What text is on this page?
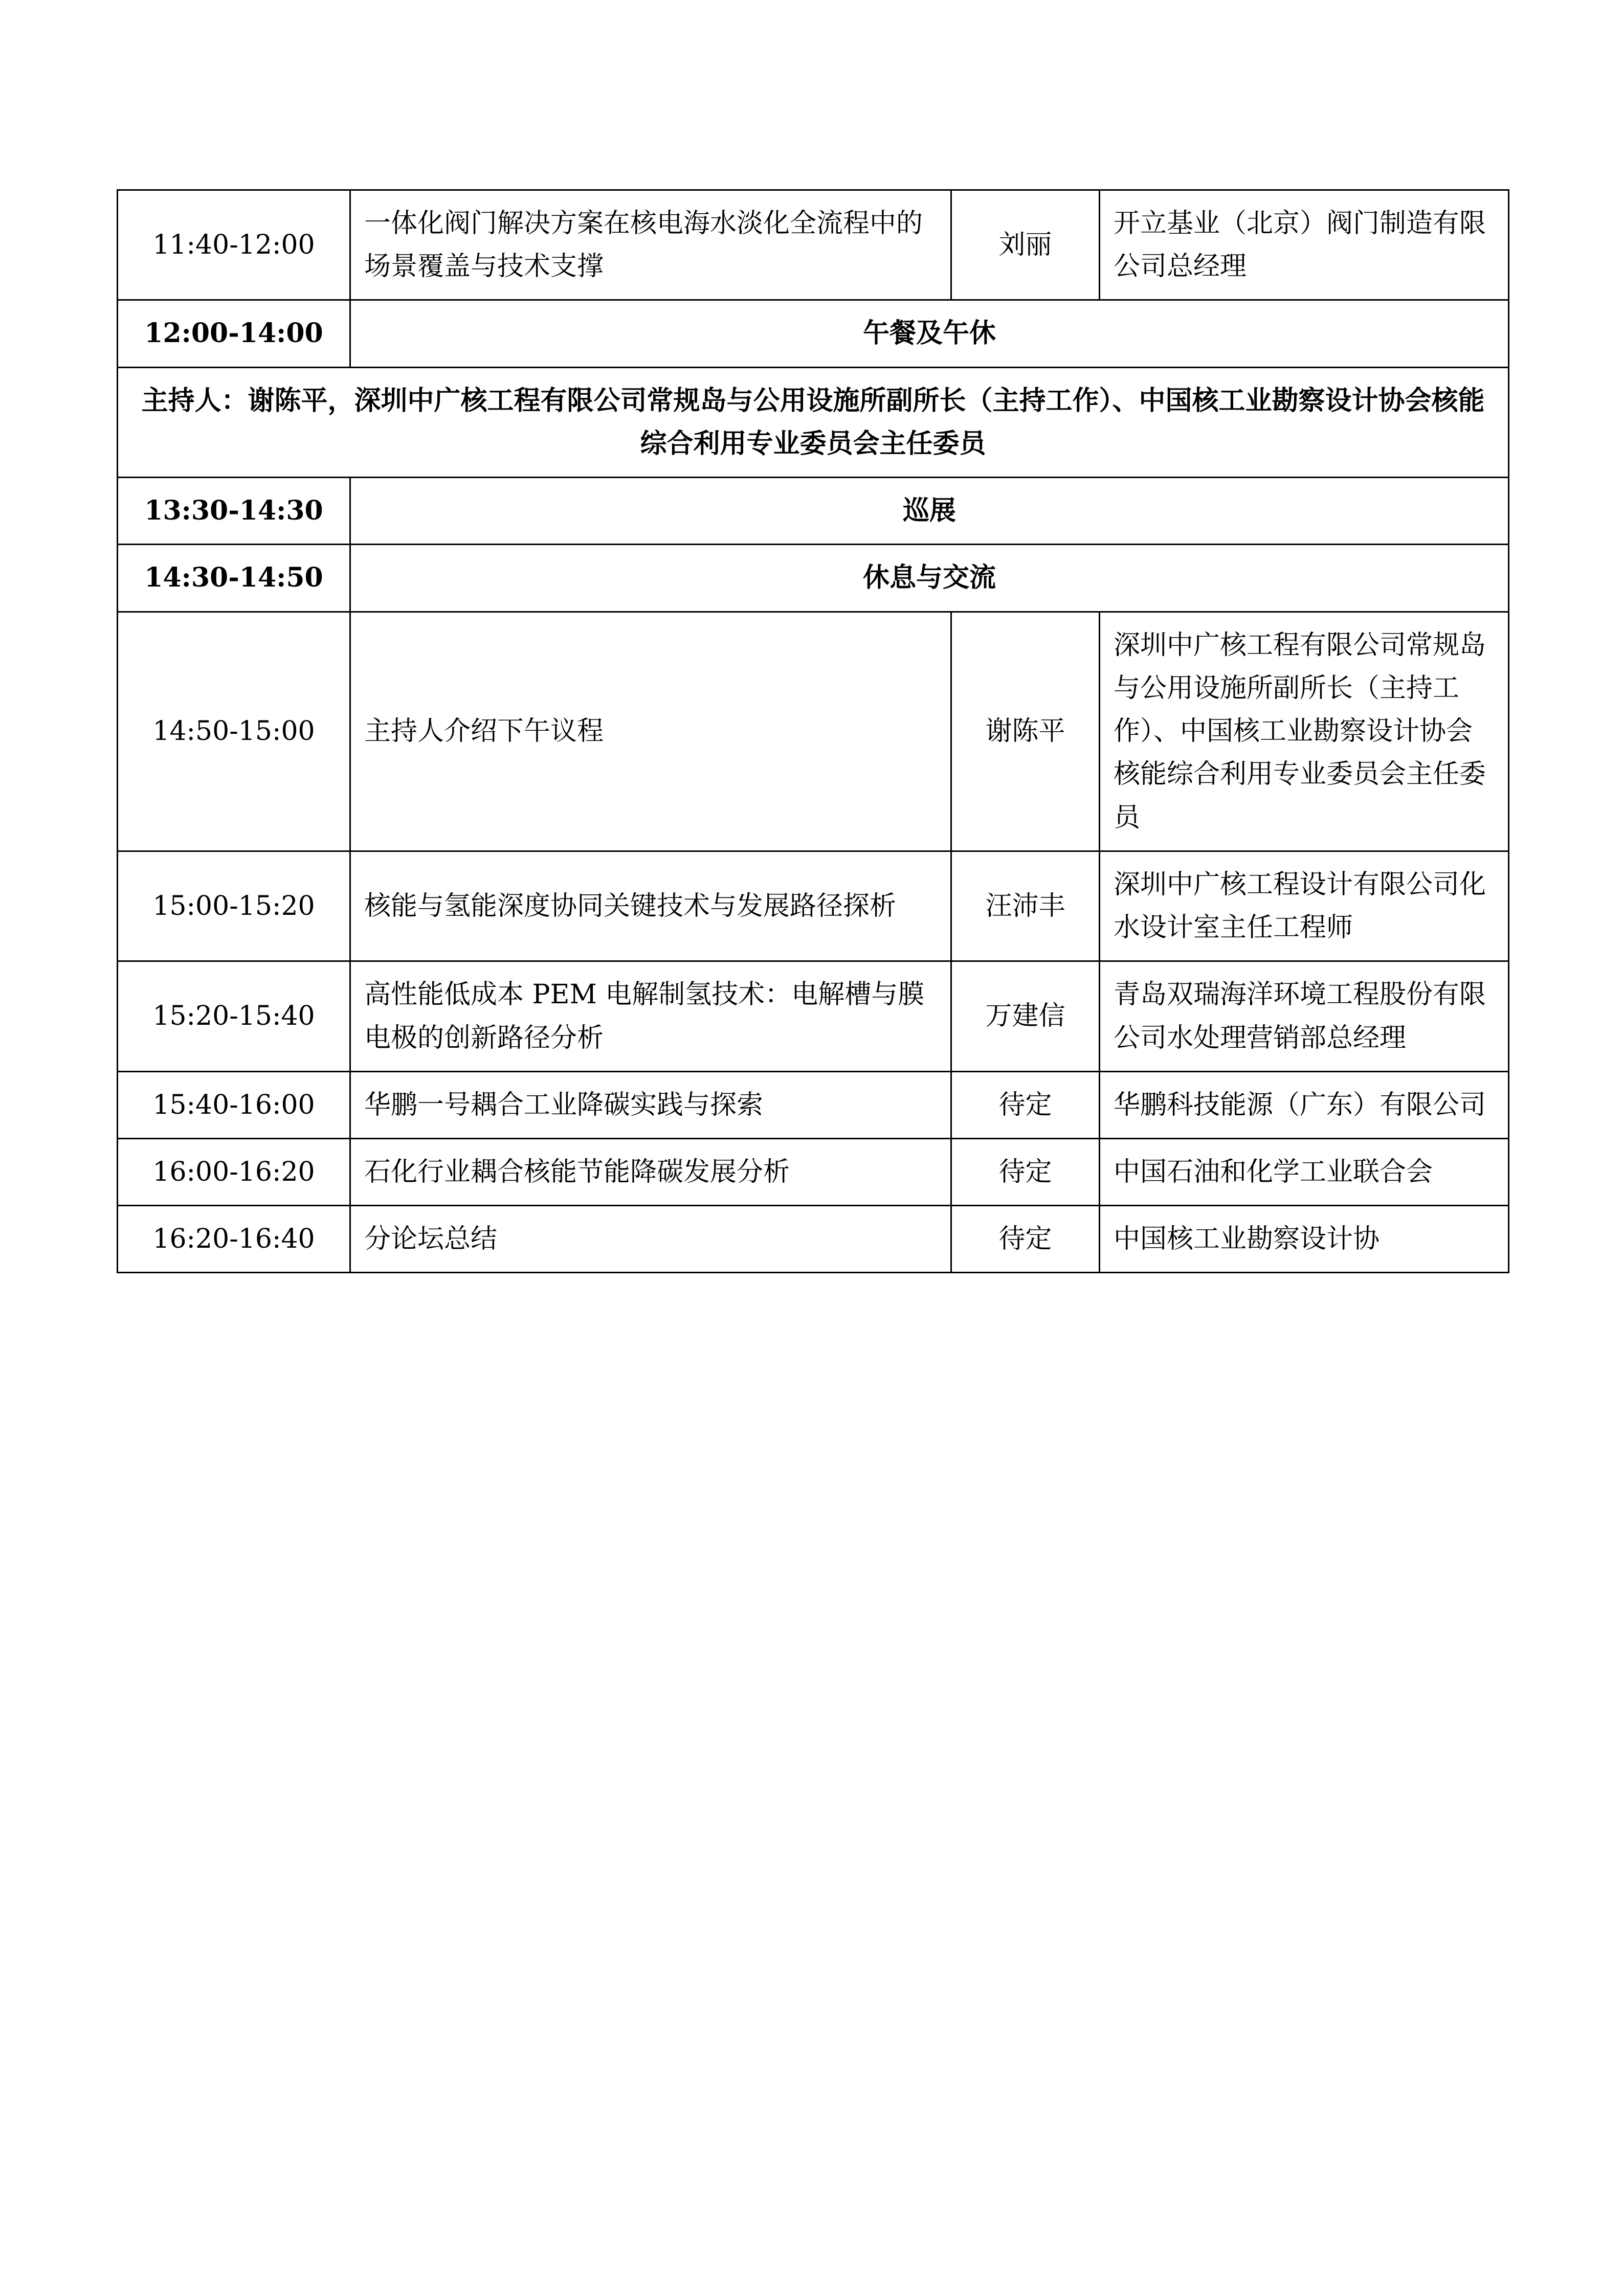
11:40-12:00	一体化阀门解决方案在核电海水淡化全流程中的场景覆盖与技术支撑	刘丽	开立基业（北京）阀门制造有限公司总经理
12:00-14:00	午餐及午休		
主持人：谢陈平，深圳中广核工程有限公司常规岛与公用设施所副所长（主持工作）、中国核工业勘察设计协会核能综合利用专业委员会主任委员			
13:30-14:30	巡展		
14:30-14:50	休息与交流		
14:50-15:00	主持人介绍下午议程	谢陈平	深圳中广核工程有限公司常规岛与公用设施所副所长（主持工作）、中国核工业勘察设计协会核能综合利用专业委员会主任委员
15:00-15:20	核能与氢能深度协同关键技术与发展路径探析	汪沛丰	深圳中广核工程设计有限公司化水设计室主任工程师
15:20-15:40	高性能低成本 PEM 电解制氢技术：电解槽与膜电极的创新路径分析	万建信	青岛双瑞海洋环境工程股份有限公司水处理营销部总经理
15:40-16:00	华鹏一号耦合工业降碳实践与探索	待定	华鹏科技能源（广东）有限公司
16:00-16:20	石化行业耦合核能节能降碳发展分析	待定	中国石油和化学工业联合会
16:20-16:40	分论坛总结	待定	中国核工业勘察设计协
